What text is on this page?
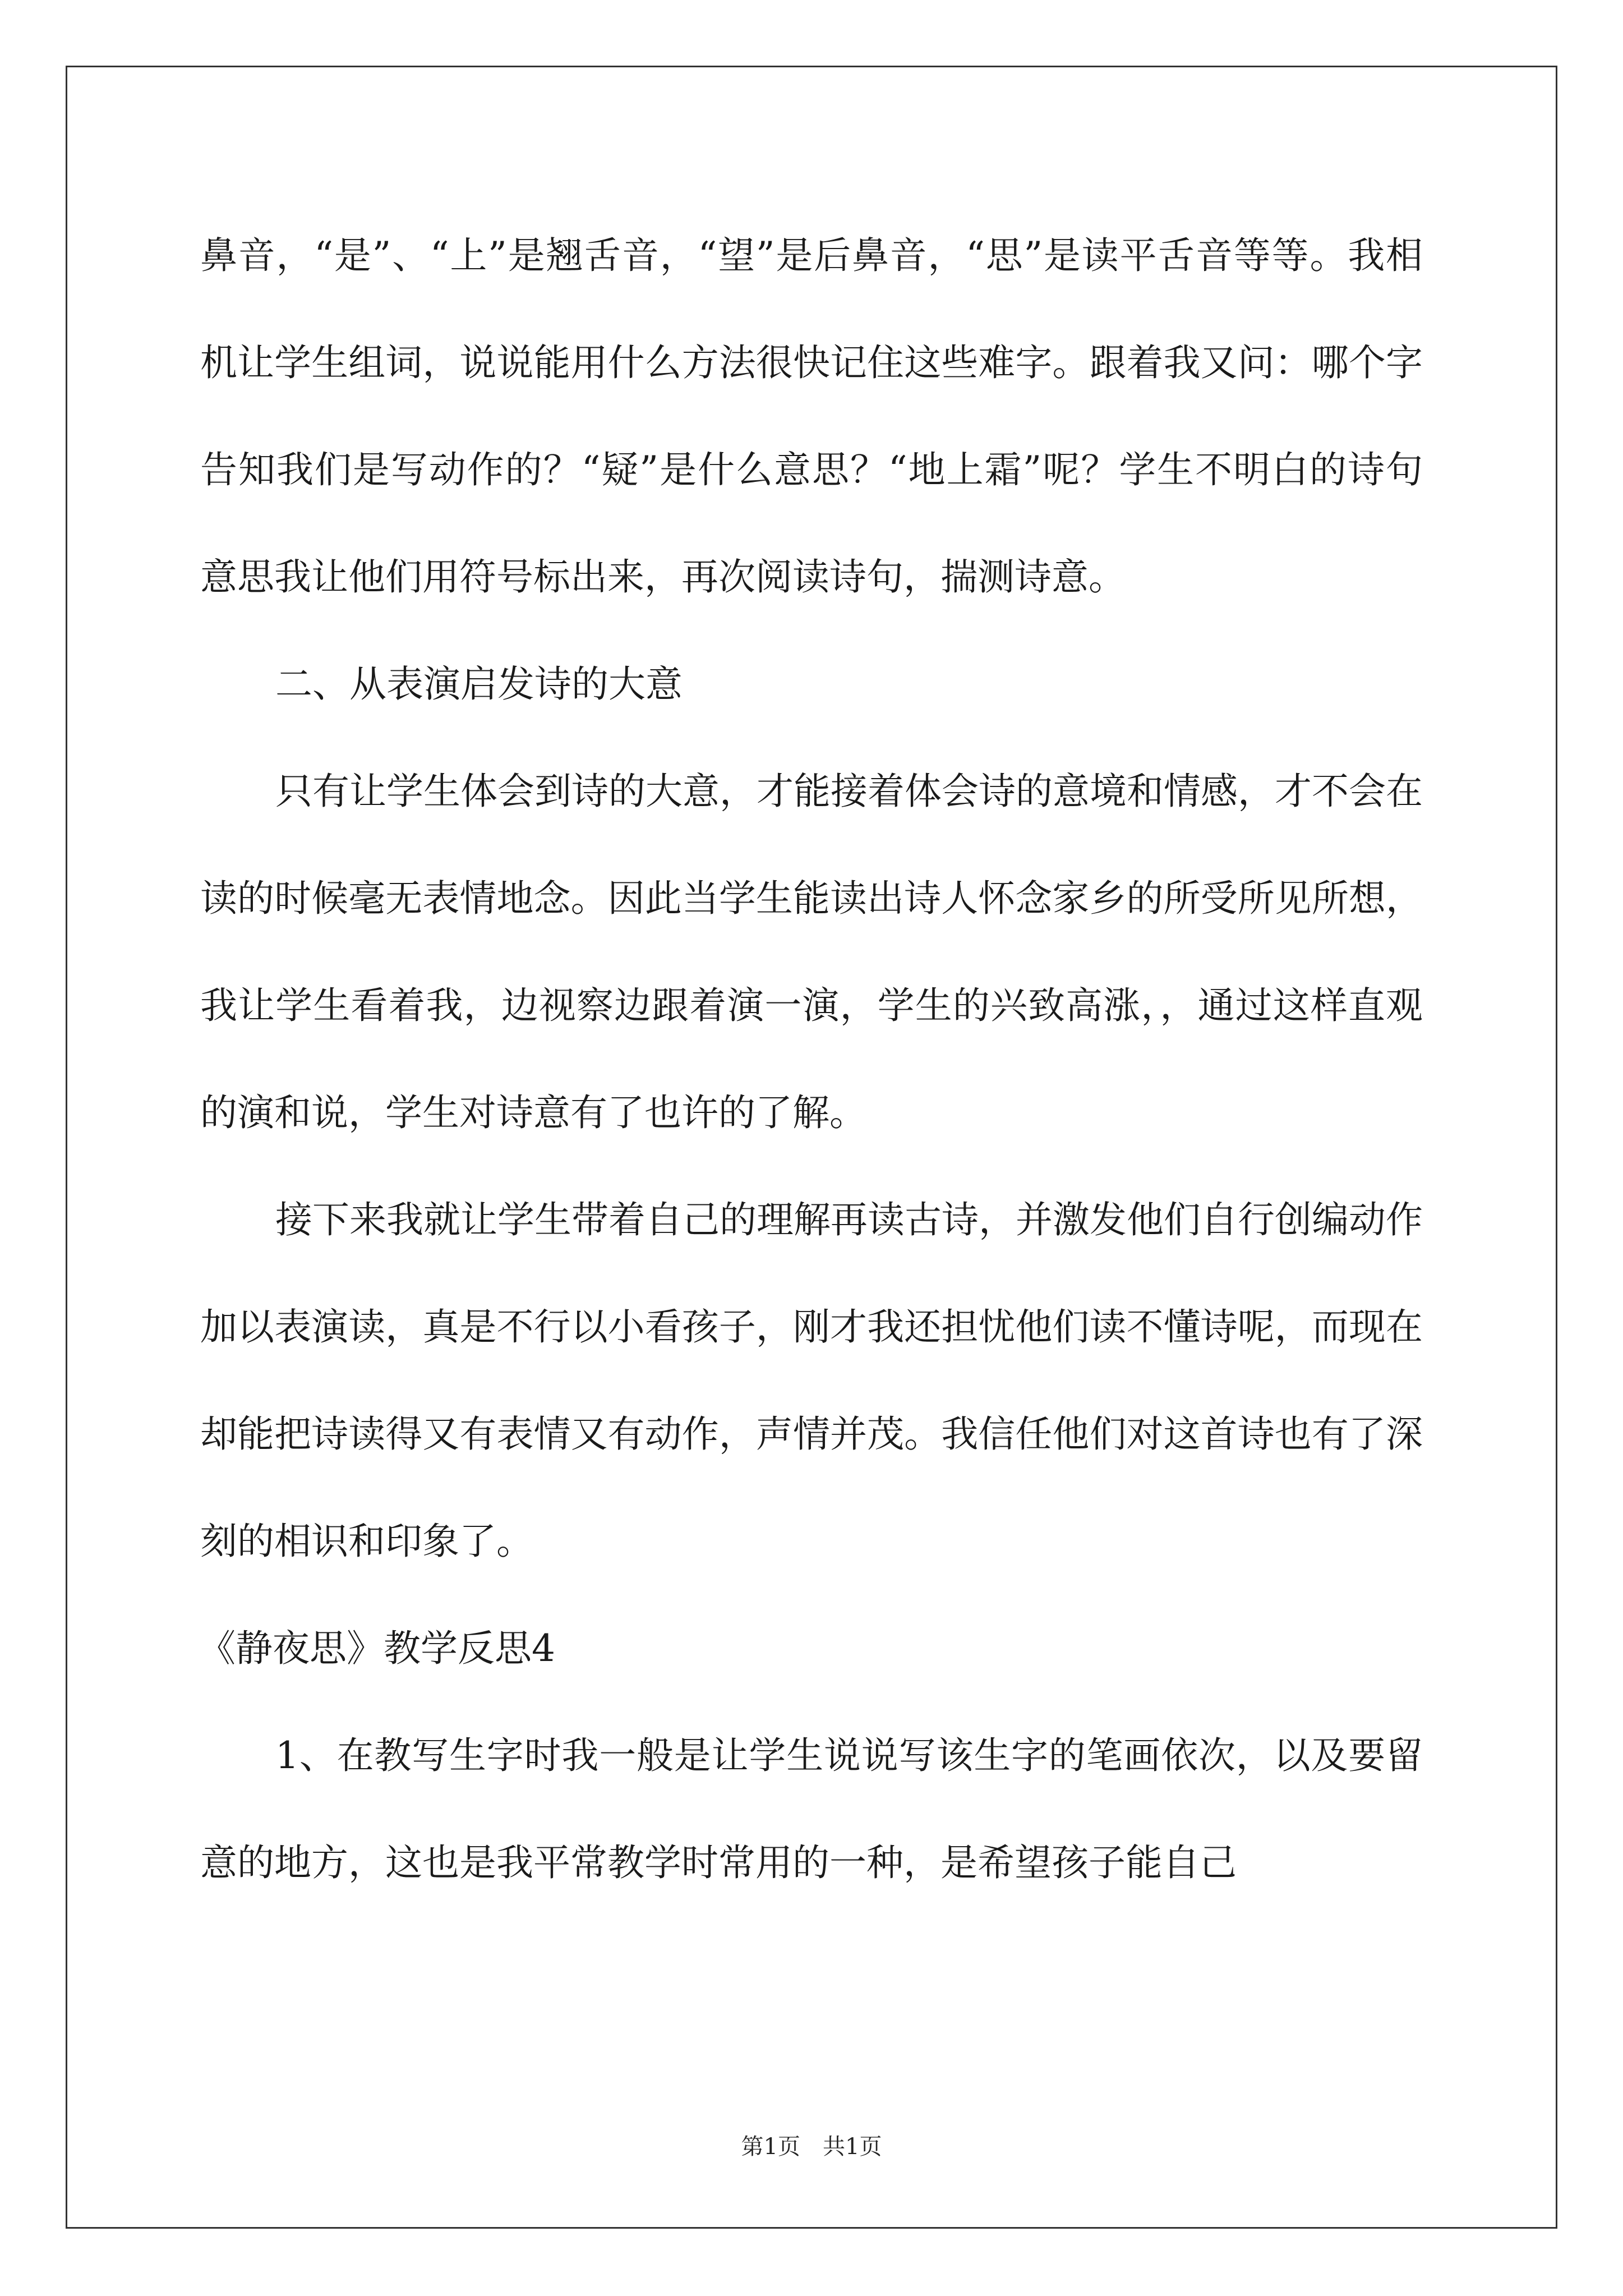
鼻音，“是”、“上”是翘舌音，“望”是后鼻音，“思”是读平舌音等等。我相机让学生组词，说说能用什么方法很快记住这些难字。跟着我又问：哪个字告知我们是写动作的？“疑”是什么意思？“地上霜”呢？学生不明白的诗句意思我让他们用符号标出来，再次阅读诗句，揣测诗意。

二、从表演启发诗的大意

只有让学生体会到诗的大意，才能接着体会诗的意境和情感，才不会在读的时候毫无表情地念。因此当学生能读出诗人怀念家乡的所受所见所想，我让学生看着我，边视察边跟着演一演，学生的兴致高涨，，通过这样直观的演和说，学生对诗意有了也许的了解。

接下来我就让学生带着自己的理解再读古诗，并激发他们自行创编动作加以表演读，真是不行以小看孩子，刚才我还担忧他们读不懂诗呢，而现在却能把诗读得又有表情又有动作，声情并茂。我信任他们对这首诗也有了深刻的相识和印象了。

《静夜思》教学反思4

1、在教写生字时我一般是让学生说说写该生字的笔画依次，以及要留意的地方，这也是我平常教学时常用的一种，是希望孩子能自己

第1页　共1页
